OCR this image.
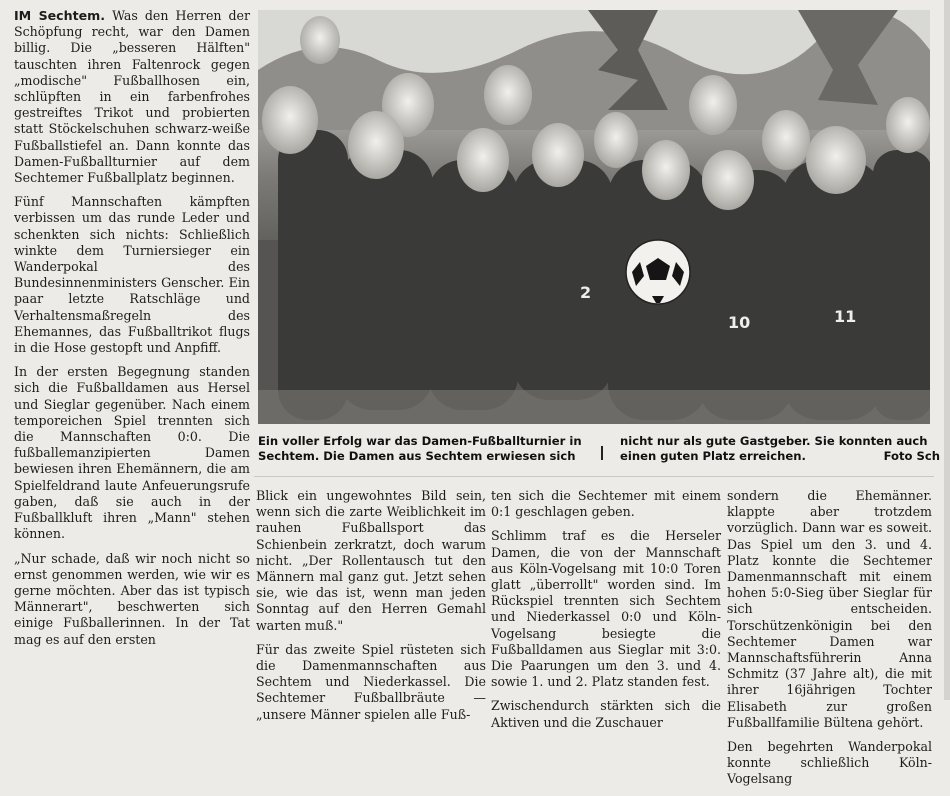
IM Sechtem. Was den Herren der Schöpfung recht, war den Damen billig. Die „besseren Hälften" tauschten ihren Faltenrock gegen „modische" Fußballhosen ein, schlüpften in ein farbenfrohes gestreiftes Trikot und probierten statt Stöckelschuhen schwarz-weiße Fußballstiefel an. Dann konnte das Damen-Fußballturnier auf dem Sechtemer Fußballplatz beginnen.

Fünf Mannschaften kämpften verbissen um das runde Leder und schenkten sich nichts: Schließlich winkte dem Turniersieger ein Wanderpokal des Bundesinnenministers Genscher. Ein paar letzte Ratschläge und Verhaltensmaßregeln des Ehemannes, das Fußballtrikot flugs in die Hose gestopft und Anpfiff.

In der ersten Begegnung standen sich die Fußballdamen aus Hersel und Sieglar gegenüber. Nach einem temporeichen Spiel trennten sich die Mannschaften 0:0. Die fußballemanzipierten Damen bewiesen ihren Ehemännern, die am Spielfeldrand laute Anfeuerungsrufe gaben, daß sie auch in der Fußballkluft ihren „Mann" stehen können.

„Nur schade, daß wir noch nicht so ernst genommen werden, wie wir es gerne möchten. Aber das ist typisch Männerart", beschwerten sich einige Fußballerinnen. In der Tat mag es auf den ersten

2
10	11
Ein voller Erfolg war das Damen-Fußballturnier in Sechtem. Die Damen aus Sechtem erwiesen sich
nicht nur als gute Gastgeber. Sie konnten auch einen guten Platz erreichen.	Foto Sch

Blick ein ungewohntes Bild sein, wenn sich die zarte Weiblichkeit im rauhen Fußballsport das Schienbein zerkratzt, doch warum nicht. „Der Rollentausch tut den Männern mal ganz gut. Jetzt sehen sie, wie das ist, wenn man jeden Sonntag auf den Herren Gemahl warten muß."

Für das zweite Spiel rüsteten sich die Damenmannschaften aus Sechtem und Niederkassel. Die Sechtemer Fußballbräute — „unsere Männer spielen alle Fuß-

ten sich die Sechtemer mit einem 0:1 geschlagen geben.

Schlimm traf es die Herseler Damen, die von der Mannschaft aus Köln-Vogelsang mit 10:0 Toren glatt „überrollt" worden sind. Im Rückspiel trennten sich Sechtem und Niederkassel 0:0 und Köln-Vogelsang besiegte die Fußballdamen aus Sieglar mit 3:0. Die Paarungen um den 3. und 4. sowie 1. und 2. Platz standen fest.

Zwischendurch stärkten sich die Aktiven und die Zuschauer

sondern die Ehemänner. klappte aber trotzdem vorzüglich. Dann war es soweit. Das Spiel um den 3. und 4. Platz konnte die Sechtemer Damenmannschaft mit einem hohen 5:0-Sieg über Sieglar für sich entscheiden. Torschützenkönigin bei den Sechtemer Damen war Mannschaftsführerin Anna Schmitz (37 Jahre alt), die mit ihrer 16jährigen Tochter Elisabeth zur großen Fußballfamilie Bültena gehört.

Den begehrten Wanderpokal konnte schließlich Köln-Vogelsang
